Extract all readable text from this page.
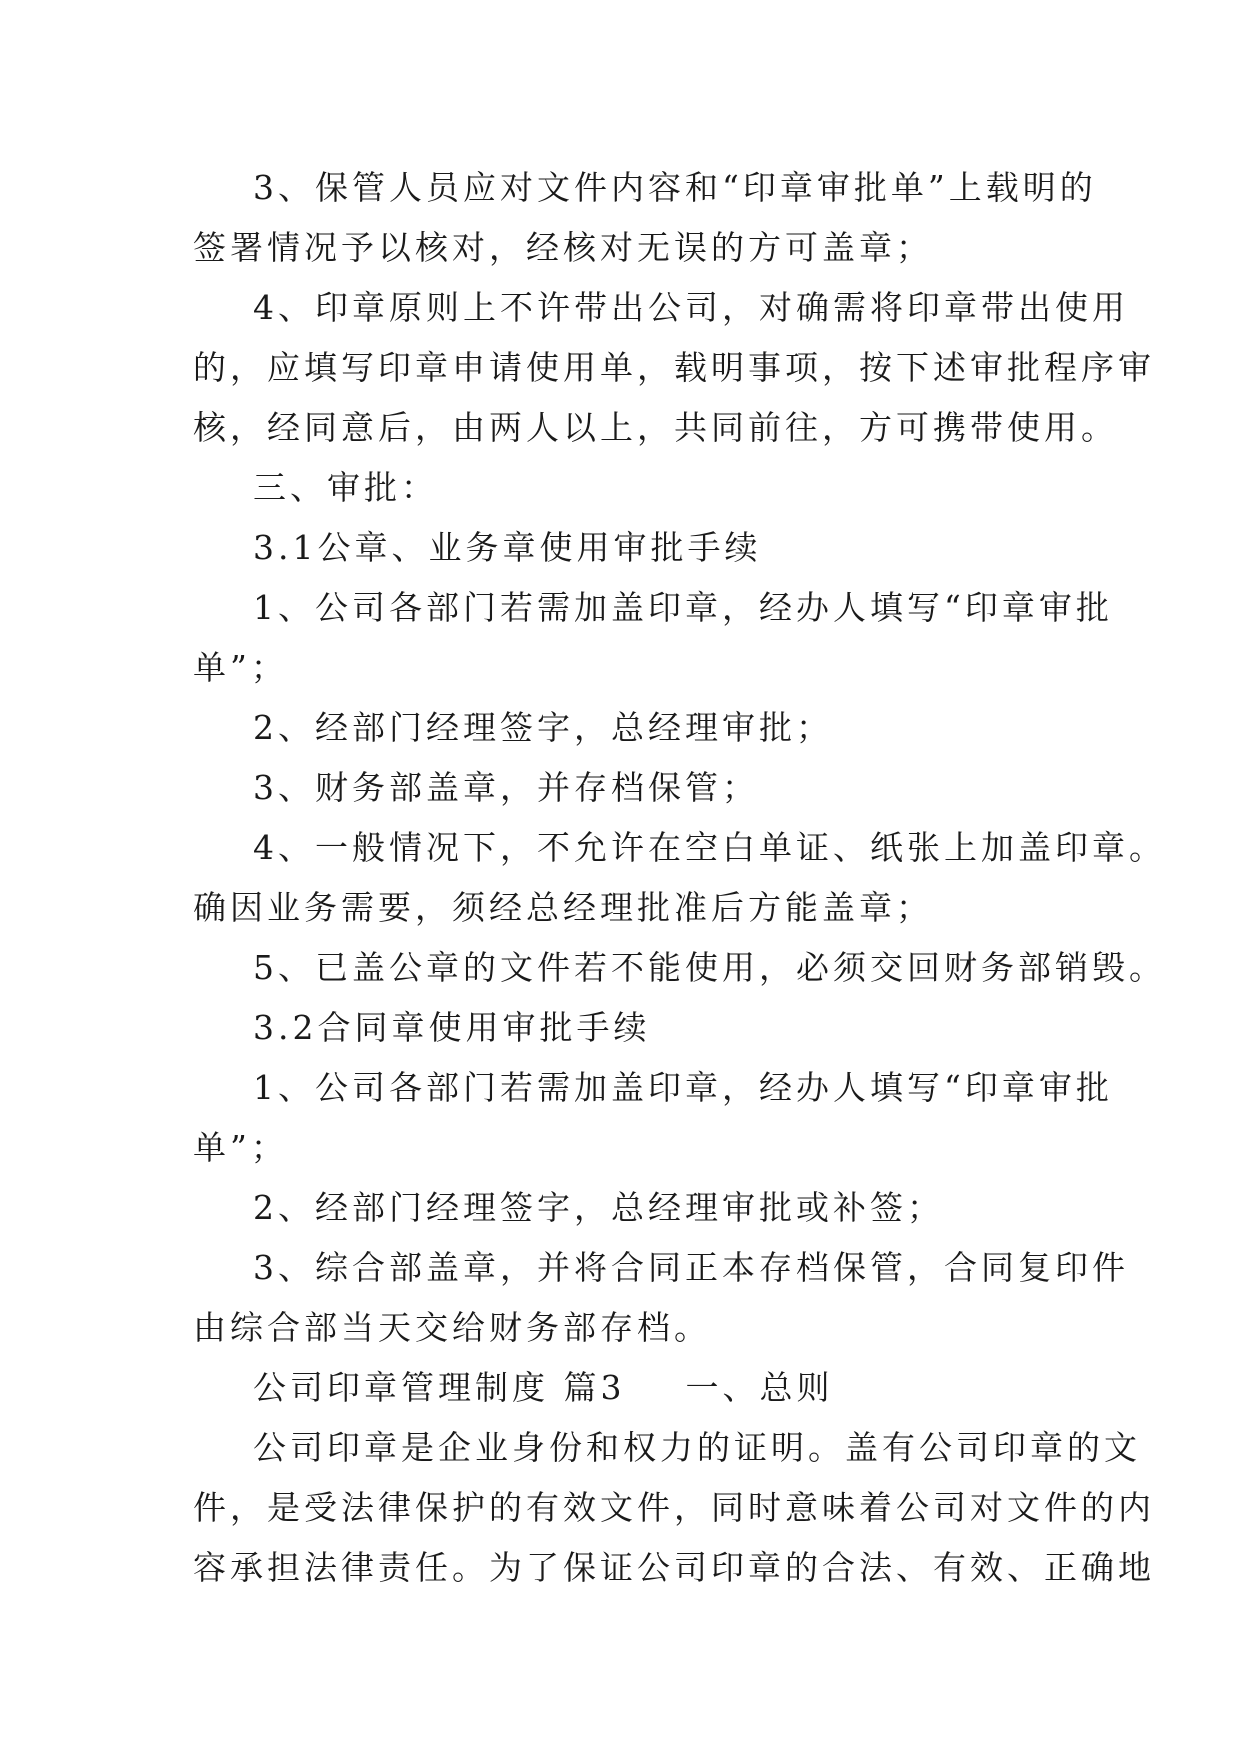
3、保管人员应对文件内容和“印章审批单”上载明的
签署情况予以核对，经核对无误的方可盖章；
4、印章原则上不许带出公司，对确需将印章带出使用
的，应填写印章申请使用单，载明事项，按下述审批程序审
核，经同意后，由两人以上，共同前往，方可携带使用。
三、审批：
3.1公章、业务章使用审批手续
1、公司各部门若需加盖印章，经办人填写“印章审批
单”；
2、经部门经理签字，总经理审批；
3、财务部盖章，并存档保管；
4、一般情况下，不允许在空白单证、纸张上加盖印章。
确因业务需要，须经总经理批准后方能盖章；
5、已盖公章的文件若不能使用，必须交回财务部销毁。
3.2合同章使用审批手续
1、公司各部门若需加盖印章，经办人填写“印章审批
单”；
2、经部门经理签字，总经理审批或补签；
3、综合部盖章，并将合同正本存档保管，合同复印件
由综合部当天交给财务部存档。
公司印章管理制度 篇3 一、总则
公司印章是企业身份和权力的证明。盖有公司印章的文
件，是受法律保护的有效文件，同时意味着公司对文件的内
容承担法律责任。为了保证公司印章的合法、有效、正确地
